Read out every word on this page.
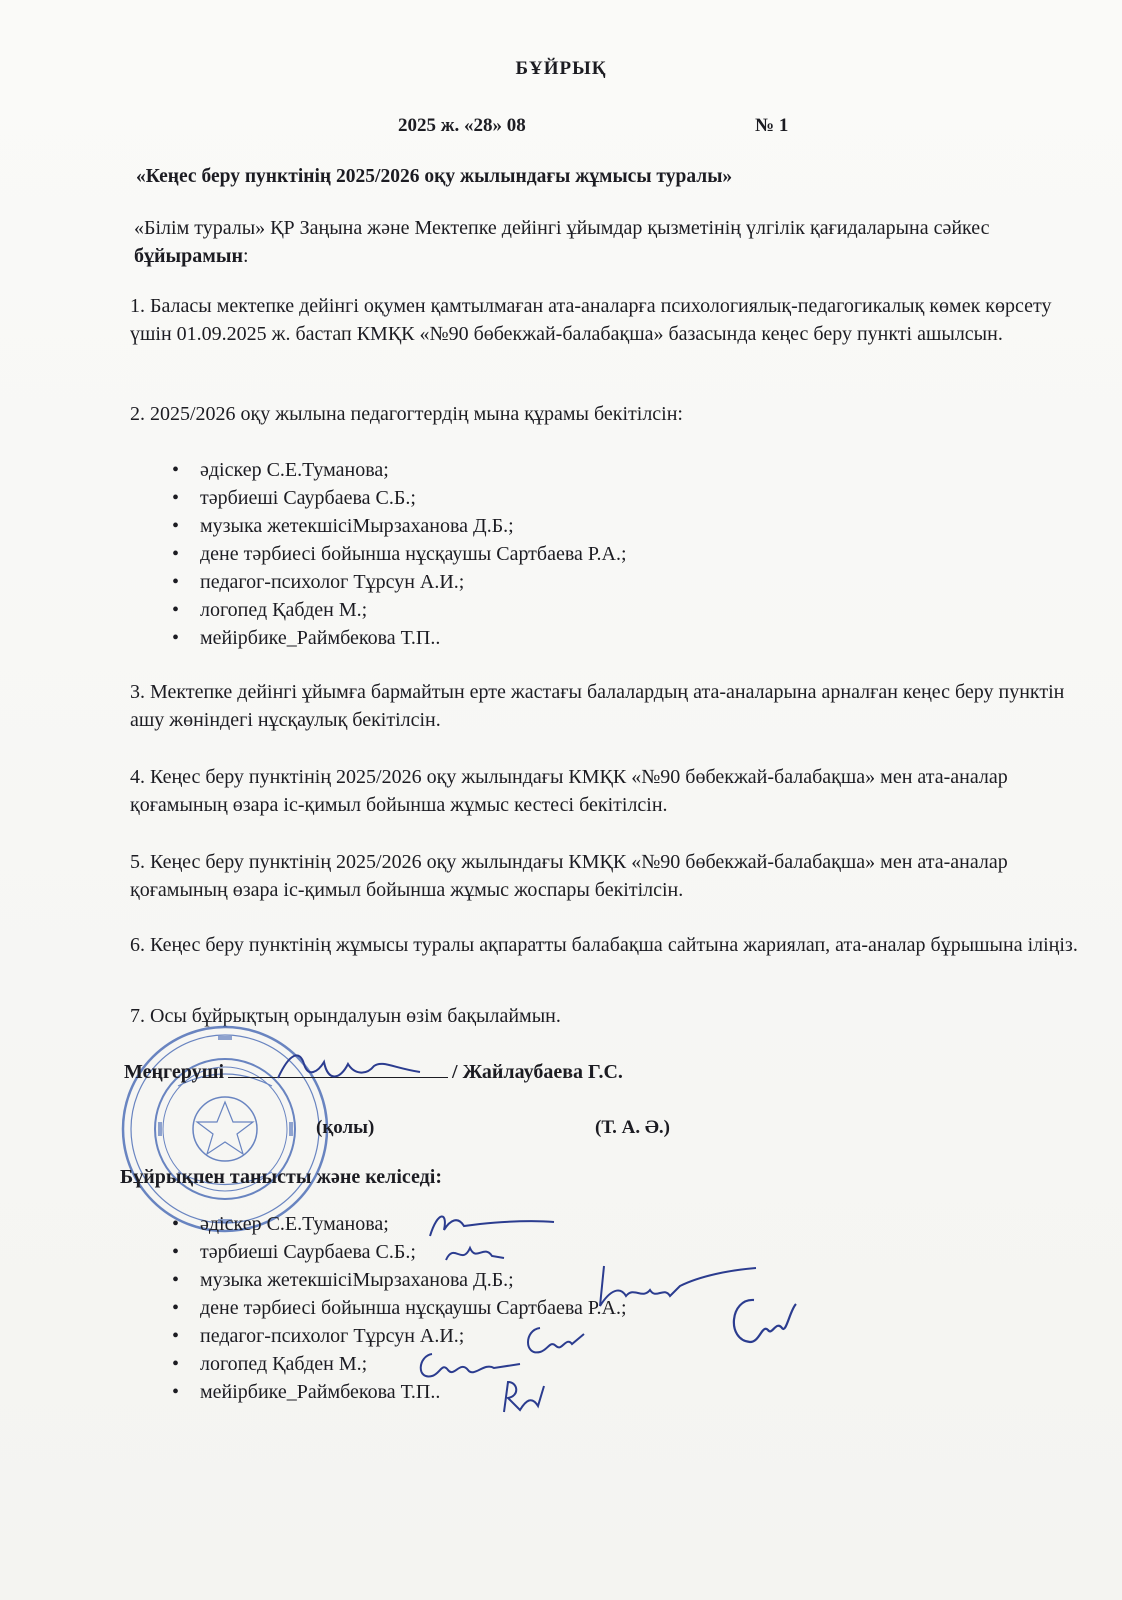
БҰЙРЫҚ
2025 ж. «28» 08	№ 1
«Кеңес беру пунктінің 2025/2026 оқу жылындағы жұмысы туралы»
«Білім туралы» ҚР Заңына және Мектепке дейінгі ұйымдар қызметінің үлгілік қағидаларына сәйкес бұйырамын:
1. Баласы мектепке дейінгі оқумен қамтылмаған ата-аналарға психологиялық-педагогикалық көмек көрсету үшін 01.09.2025 ж. бастап КМҚК «№90 бөбекжай-балабақша» базасында кеңес беру пункті ашылсын.
2. 2025/2026 оқу жылына педагогтердің мына құрамы бекітілсін:
• әдіскер С.Е.Туманова;
• тәрбиеші Саурбаева С.Б.;
• музыка жетекшісіМырзаханова Д.Б.;
• дене тәрбиесі бойынша нұсқаушы Сартбаева Р.А.;
• педагог-психолог Тұрсун А.И.;
• логопед Қабден М.;
• мейірбике_Раймбекова Т.П..
3. Мектепке дейінгі ұйымға бармайтын ерте жастағы балалардың ата-аналарына арналған кеңес беру пунктін ашу жөніндегі нұсқаулық бекітілсін.
4. Кеңес беру пунктінің 2025/2026 оқу жылындағы КМҚК «№90 бөбекжай-балабақша» мен ата-аналар қоғамының өзара іс-қимыл бойынша жұмыс кестесі бекітілсін.
5. Кеңес беру пунктінің 2025/2026 оқу жылындағы КМҚК «№90 бөбекжай-балабақша» мен ата-аналар қоғамының өзара іс-қимыл бойынша жұмыс жоспары бекітілсін.
6. Кеңес беру пунктінің жұмысы туралы ақпаратты балабақша сайтына жариялап, ата-аналар бұрышына іліңіз.
7. Осы бұйрықтың орындалуын өзім бақылаймын.
Меңгеруші	/ Жайлаубаева Г.С.
(қолы)	(Т. А. Ә.)
Бұйрықпен танысты және келіседі:
• әдіскер С.Е.Туманова;
• тәрбиеші Саурбаева С.Б.;
• музыка жетекшісіМырзаханова Д.Б.;
• дене тәрбиесі бойынша нұсқаушы Сартбаева Р.А.;
• педагог-психолог Тұрсун А.И.;
• логопед Қабден М.;
• мейірбике_Раймбекова Т.П..
